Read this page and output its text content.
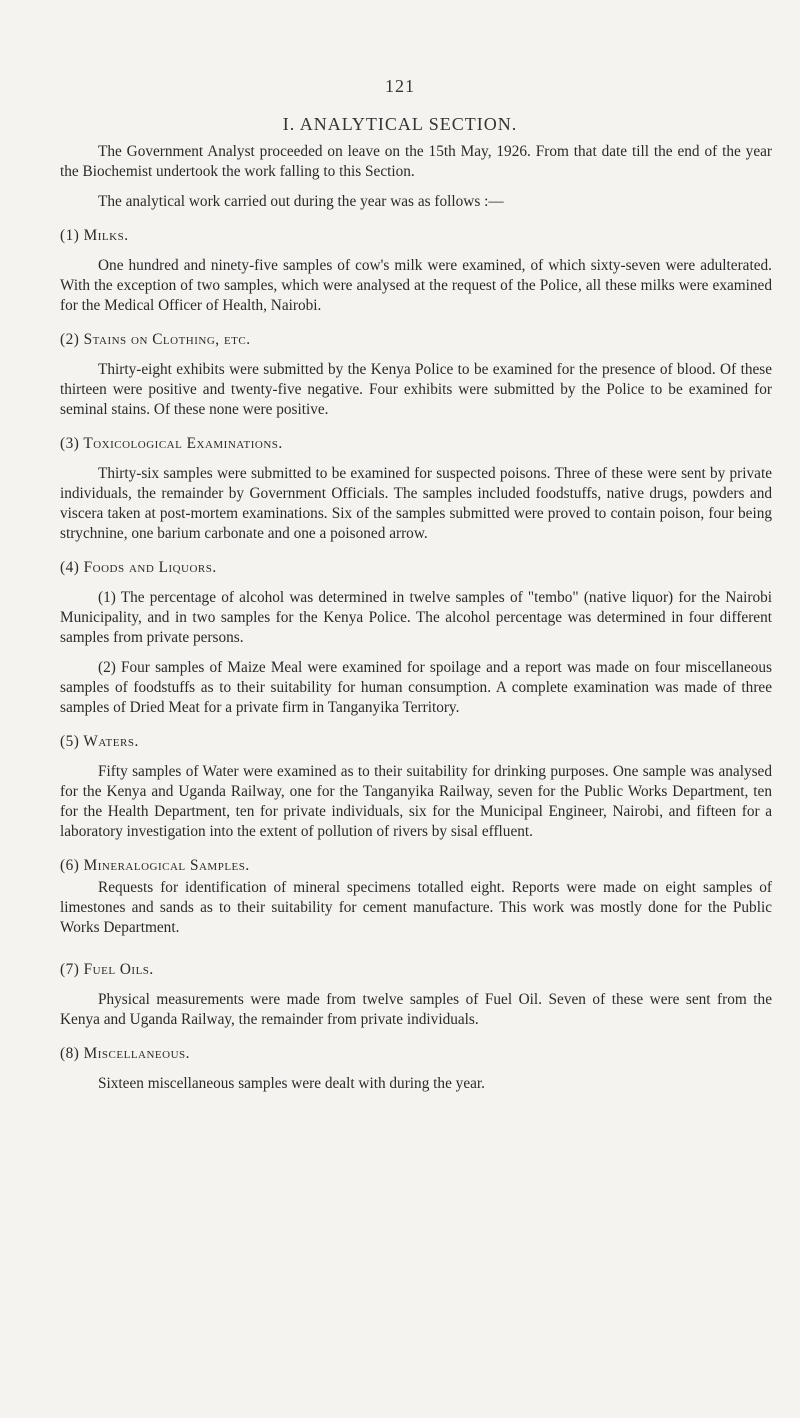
121
I. ANALYTICAL SECTION.

The Government Analyst proceeded on leave on the 15th May, 1926. From that date till the end of the year the Biochemist undertook the work falling to this Section.

The analytical work carried out during the year was as follows :—

(1) Milks.

One hundred and ninety-five samples of cow's milk were examined, of which sixty-seven were adulterated. With the exception of two samples, which were analysed at the request of the Police, all these milks were examined for the Medical Officer of Health, Nairobi.

(2) Stains on Clothing, etc.

Thirty-eight exhibits were submitted by the Kenya Police to be examined for the presence of blood. Of these thirteen were positive and twenty-five negative. Four exhibits were submitted by the Police to be examined for seminal stains. Of these none were positive.

(3) Toxicological Examinations.

Thirty-six samples were submitted to be examined for suspected poisons. Three of these were sent by private individuals, the remainder by Government Officials. The samples included foodstuffs, native drugs, powders and viscera taken at post-mortem examinations. Six of the samples submitted were proved to contain poison, four being strychnine, one barium carbonate and one a poisoned arrow.

(4) Foods and Liquors.

(1) The percentage of alcohol was determined in twelve samples of "tembo" (native liquor) for the Nairobi Municipality, and in two samples for the Kenya Police. The alcohol percentage was determined in four different samples from private persons.

(2) Four samples of Maize Meal were examined for spoilage and a report was made on four miscellaneous samples of foodstuffs as to their suitability for human consumption. A complete examination was made of three samples of Dried Meat for a private firm in Tanganyika Territory.

(5) Waters.

Fifty samples of Water were examined as to their suitability for drinking purposes. One sample was analysed for the Kenya and Uganda Railway, one for the Tanganyika Railway, seven for the Public Works Department, ten for the Health Department, ten for private individuals, six for the Municipal Engineer, Nairobi, and fifteen for a laboratory investigation into the extent of pollution of rivers by sisal effluent.

(6) Mineralogical Samples.

Requests for identification of mineral specimens totalled eight. Reports were made on eight samples of limestones and sands as to their suitability for cement manufacture. This work was mostly done for the Public Works Department.

(7) Fuel Oils.

Physical measurements were made from twelve samples of Fuel Oil. Seven of these were sent from the Kenya and Uganda Railway, the remainder from private individuals.

(8) Miscellaneous.

Sixteen miscellaneous samples were dealt with during the year.
